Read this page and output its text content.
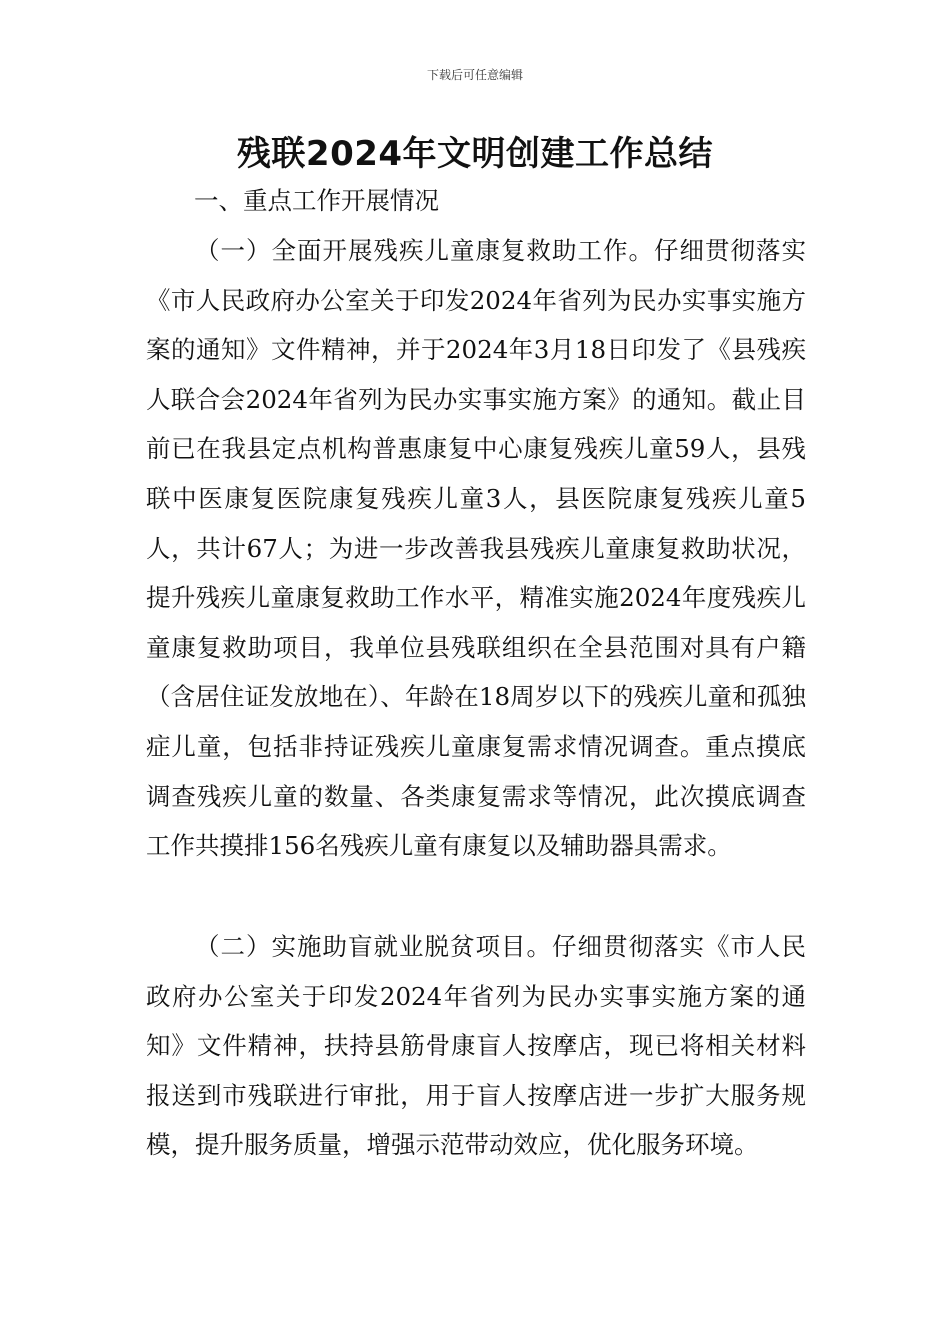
下载后可任意编辑
残联2024年文明创建工作总结
一、重点工作开展情况

（一）全面开展残疾儿童康复救助工作。仔细贯彻落实《市人民政府办公室关于印发2024年省列为民办实事实施方案的通知》文件精神，并于2024年3月18日印发了《县残疾人联合会2024年省列为民办实事实施方案》的通知。截止目前已在我县定点机构普惠康复中心康复残疾儿童59人，县残联中医康复医院康复残疾儿童3人，县医院康复残疾儿童5人，共计67人；为进一步改善我县残疾儿童康复救助状况，提升残疾儿童康复救助工作水平，精准实施2024年度残疾儿童康复救助项目，我单位县残联组织在全县范围对具有户籍（含居住证发放地在）、年龄在18周岁以下的残疾儿童和孤独症儿童，包括非持证残疾儿童康复需求情况调查。重点摸底调查残疾儿童的数量、各类康复需求等情况，此次摸底调查工作共摸排156名残疾儿童有康复以及辅助器具需求。

（二）实施助盲就业脱贫项目。仔细贯彻落实《市人民政府办公室关于印发2024年省列为民办实事实施方案的通知》文件精神，扶持县筋骨康盲人按摩店，现已将相关材料报送到市残联进行审批，用于盲人按摩店进一步扩大服务规模，提升服务质量，增强示范带动效应，优化服务环境。
